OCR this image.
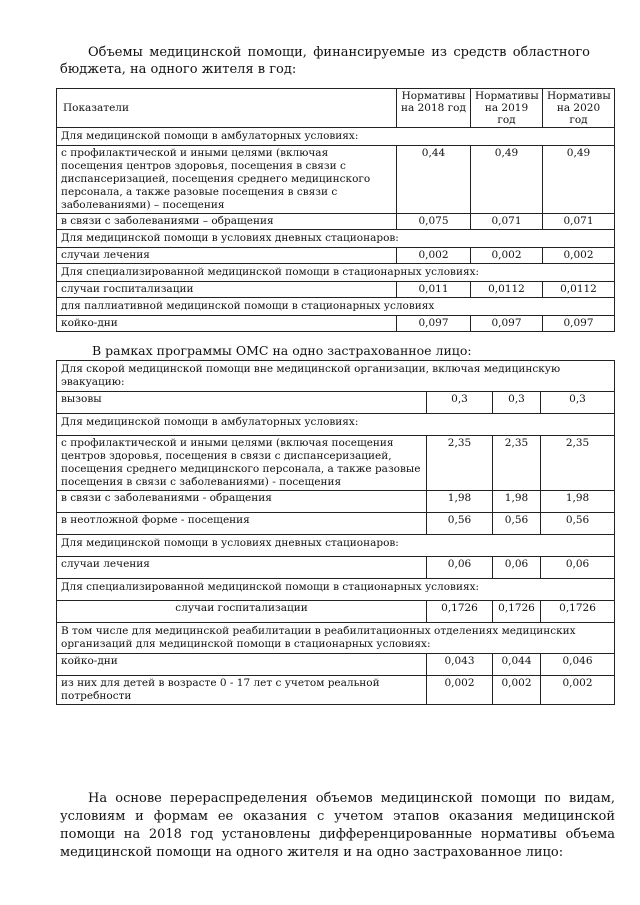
Объемы медицинской помощи, финансируемые из средств областного бюджета, на одного жителя в год:
Показатели	Нормативы на 2018 год	Нормативы на 2019 год	Нормативы на 2020 год
Для медицинской помощи в амбулаторных условиях:			
с профилактической и иными целями (включая посещения центров здоровья, посещения в связи с диспансеризацией, посещения среднего медицинского персонала, а также разовые посещения в связи с заболеваниями) – посещения	0,44	0,49	0,49
в связи с заболеваниями – обращения	0,075	0,071	0,071
Для медицинской помощи в условиях дневных стационаров:			
случаи лечения	0,002	0,002	0,002
Для специализированной медицинской помощи в стационарных условиях:			
случаи госпитализации	0,011	0,0112	0,0112
для паллиативной медицинской помощи в стационарных условиях			
койко-дни	0,097	0,097	0,097
В рамках программы ОМС на одно застрахованное лицо:
Для скорой медицинской помощи вне медицинской организации, включая медицинскую эвакуацию:			
вызовы	0,3	0,3	0,3
Для медицинской помощи в амбулаторных условиях:			
с профилактической и иными целями (включая посещения центров здоровья, посещения в связи с диспансеризацией, посещения среднего медицинского персонала, а также разовые посещения в связи с заболеваниями) - посещения	2,35	2,35	2,35
в связи с заболеваниями - обращения	1,98	1,98	1,98
в неотложной форме - посещения	0,56	0,56	0,56
Для медицинской помощи в условиях дневных стационаров:			
случаи лечения	0,06	0,06	0,06
Для специализированной медицинской помощи в стационарных условиях:			
случаи госпитализации	0,1726	0,1726	0,1726
В том числе для медицинской реабилитации в реабилитационных отделениях медицинских организаций для медицинской помощи в стационарных условиях:			
койко-дни	0,043	0,044	0,046
из них для детей в возрасте 0 - 17 лет с учетом реальной потребности	0,002	0,002	0,002
На основе перераспределения объемов медицинской помощи по видам, условиям и формам ее оказания с учетом этапов оказания медицинской помощи на 2018 год установлены дифференцированные нормативы объема медицинской помощи на одного жителя и на одно застрахованное лицо:
